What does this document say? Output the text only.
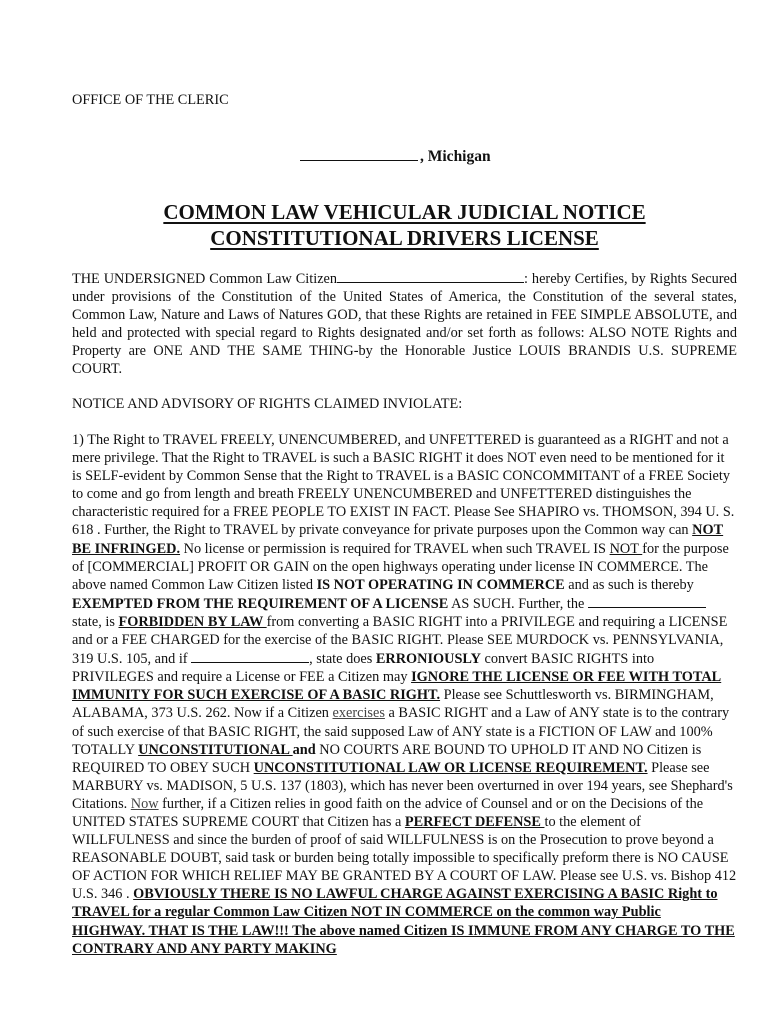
OFFICE OF THE CLERIC
, Michigan
COMMON LAW VEHICULAR JUDICIAL NOTICE
CONSTITUTIONAL DRIVERS LICENSE
THE UNDERSIGNED Common Law Citizen	: hereby Certifies, by Rights Secured under provisions of the Constitution of the United States of America, the Constitution of the several states, Common Law, Nature and Laws of Natures GOD, that these Rights are retained in FEE SIMPLE ABSOLUTE, and held and protected with special regard to Rights designated and/or set forth as follows: ALSO NOTE Rights and Property are ONE AND THE SAME THING-by the Honorable Justice LOUIS BRANDIS U.S. SUPREME COURT.
NOTICE AND ADVISORY OF RIGHTS CLAIMED INVIOLATE:
1) The Right to TRAVEL FREELY, UNENCUMBERED, and UNFETTERED is guaranteed as a RIGHT and not a mere privilege. That the Right to TRAVEL is such a BASIC RIGHT it does NOT even need to be mentioned for it is SELF-evident by Common Sense that the Right to TRAVEL is a BASIC CONCOMMITANT of a FREE Society to come and go from length and breath FREELY UNENCUMBERED and UNFETTERED distinguishes the characteristic required for a FREE PEOPLE TO EXIST IN FACT. Please See SHAPIRO vs. THOMSON, 394 U. S. 618 . Further, the Right to TRAVEL by private conveyance for private purposes upon the Common way can NOT BE INFRINGED. No license or permission is required for TRAVEL when such TRAVEL IS NOT for the purpose of [COMMERCIAL] PROFIT OR GAIN on the open highways operating under license IN COMMERCE. The above named Common Law Citizen listed IS NOT OPERATING IN COMMERCE and as such is thereby EXEMPTED FROM THE REQUIREMENT OF A LICENSE AS SUCH. Further, the  state, is FORBIDDEN BY LAW from converting a BASIC RIGHT into a PRIVILEGE and requiring a LICENSE and or a FEE CHARGED for the exercise of the BASIC RIGHT. Please SEE MURDOCK vs. PENNSYLVANIA, 319 U.S. 105, and if	, state does ERRONIOUSLY convert BASIC RIGHTS into PRIVILEGES and require a License or FEE a Citizen may IGNORE THE LICENSE OR FEE WITH TOTAL IMMUNITY FOR SUCH EXERCISE OF A BASIC RIGHT. Please see Schuttlesworth vs. BIRMINGHAM, ALABAMA, 373 U.S. 262. Now if a Citizen exercises a BASIC RIGHT and a Law of ANY state is to the contrary of such exercise of that BASIC RIGHT, the said supposed Law of ANY state is a FICTION OF LAW and 100% TOTALLY UNCONSTITUTIONAL and NO COURTS ARE BOUND TO UPHOLD IT AND NO Citizen is REQUIRED TO OBEY SUCH UNCONSTITUTIONAL LAW OR LICENSE REQUIREMENT. Please see MARBURY vs. MADISON, 5 U.S. 137 (1803), which has never been overturned in over 194 years, see Shephard's Citations. Now further, if a Citizen relies in good faith on the advice of Counsel and or on the Decisions of the UNITED STATES SUPREME COURT that Citizen has a PERFECT DEFENSE to the element of WILLFULNESS and since the burden of proof of said WILLFULNESS is on the Prosecution to prove beyond a REASONABLE DOUBT, said task or burden being totally impossible to specifically preform there is NO CAUSE OF ACTION FOR WHICH RELIEF MAY BE GRANTED BY A COURT OF LAW. Please see U.S. vs. Bishop 412 U.S. 346 . OBVIOUSLY THERE IS NO LAWFUL CHARGE AGAINST EXERCISING A BASIC Right to TRAVEL for a regular Common Law Citizen NOT IN COMMERCE on the common way Public HIGHWAY. THAT IS THE LAW!!! The above named Citizen IS IMMUNE FROM ANY CHARGE TO THE CONTRARY AND ANY PARTY MAKING
